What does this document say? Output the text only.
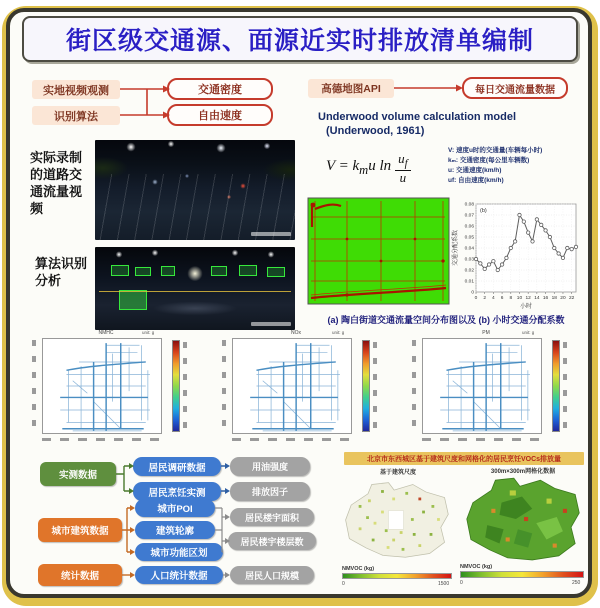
街区级交通源、面源近实时排放清单编制
实地视频观测
识别算法
交通密度
自由速度
高德地图API	每日交通流量数据
Underwood volume calculation model
(Underwood, 1961)
$V = k_mu$ $\ln \frac{u_f}{u}$
V: 速度u时的交通量(车辆每小时)
kₘ: 交通密度(每公里车辆数)
u: 交通速度(km/h)
uf: 自由速度(km/h)
实际录制的道路交通流量视频
算法识别分析
0
0.01
0.02
0.03
0.04
0.05
0.06
0.07
0.08
0 2 4 6 8 10 12 14 16 18 20 22
交通分配系数
小时
(b)
(a) 陶白街道交通流量空间分布图以及 (b) 小时交通分配系数
NMHC	unit: g	NOx	unit: g	PM	unit: g
实测数据
居民调研数据
居民烹饪实测
用油强度
排放因子
城市建筑数据
城市POI
建筑轮廓
城市功能区划
居民楼宇面积
居民楼宇楼层数
统计数据	人口统计数据	居民人口规模
北京市东西城区基于建筑尺度和网格化的居民烹饪VOCs排放量
基于建筑尺度	300m×300m网格化数据
NMVOC (kg)
0	1500
NMVOC (kg)
0	250
